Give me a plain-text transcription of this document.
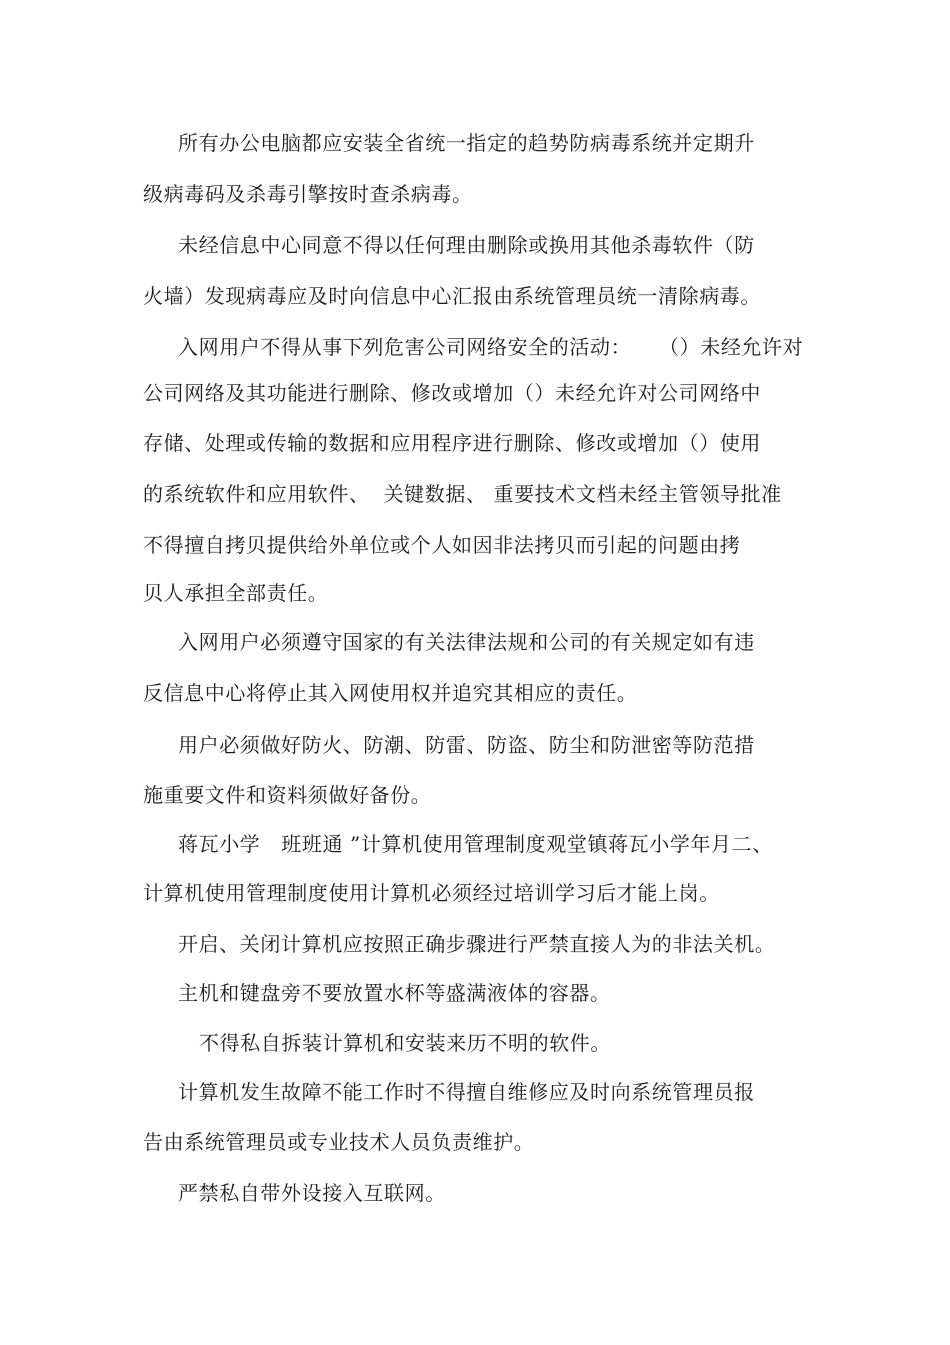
所有办公电脑都应安装全省统一指定的趋势防病毒系统并定期升
级病毒码及杀毒引擎按时查杀病毒。
未经信息中心同意不得以任何理由删除或换用其他杀毒软件（防
火墙）发现病毒应及时向信息中心汇报由系统管理员统一清除病毒。
入网用户不得从事下列危害公司网络安全的活动：    （）未经允许对
公司网络及其功能进行删除、修改或增加（）未经允许对公司网络中
存储、处理或传输的数据和应用程序进行删除、修改或增加（）使用
的系统软件和应用软件、  关键数据、 重要技术文档未经主管领导批准
不得擅自拷贝提供给外单位或个人如因非法拷贝而引起的问题由拷
贝人承担全部责任。
入网用户必须遵守国家的有关法律法规和公司的有关规定如有违
反信息中心将停止其入网使用权并追究其相应的责任。
用户必须做好防火、防潮、防雷、防盗、防尘和防泄密等防范措
施重要文件和资料须做好备份。
蒋瓦小学   班班通 ”计算机使用管理制度观堂镇蒋瓦小学年月二、
计算机使用管理制度使用计算机必须经过培训学习后才能上岗。
开启、关闭计算机应按照正确步骤进行严禁直接人为的非法关机。
主机和键盘旁不要放置水杯等盛满液体的容器。
不得私自拆装计算机和安装来历不明的软件。
计算机发生故障不能工作时不得擅自维修应及时向系统管理员报
告由系统管理员或专业技术人员负责维护。
严禁私自带外设接入互联网。
